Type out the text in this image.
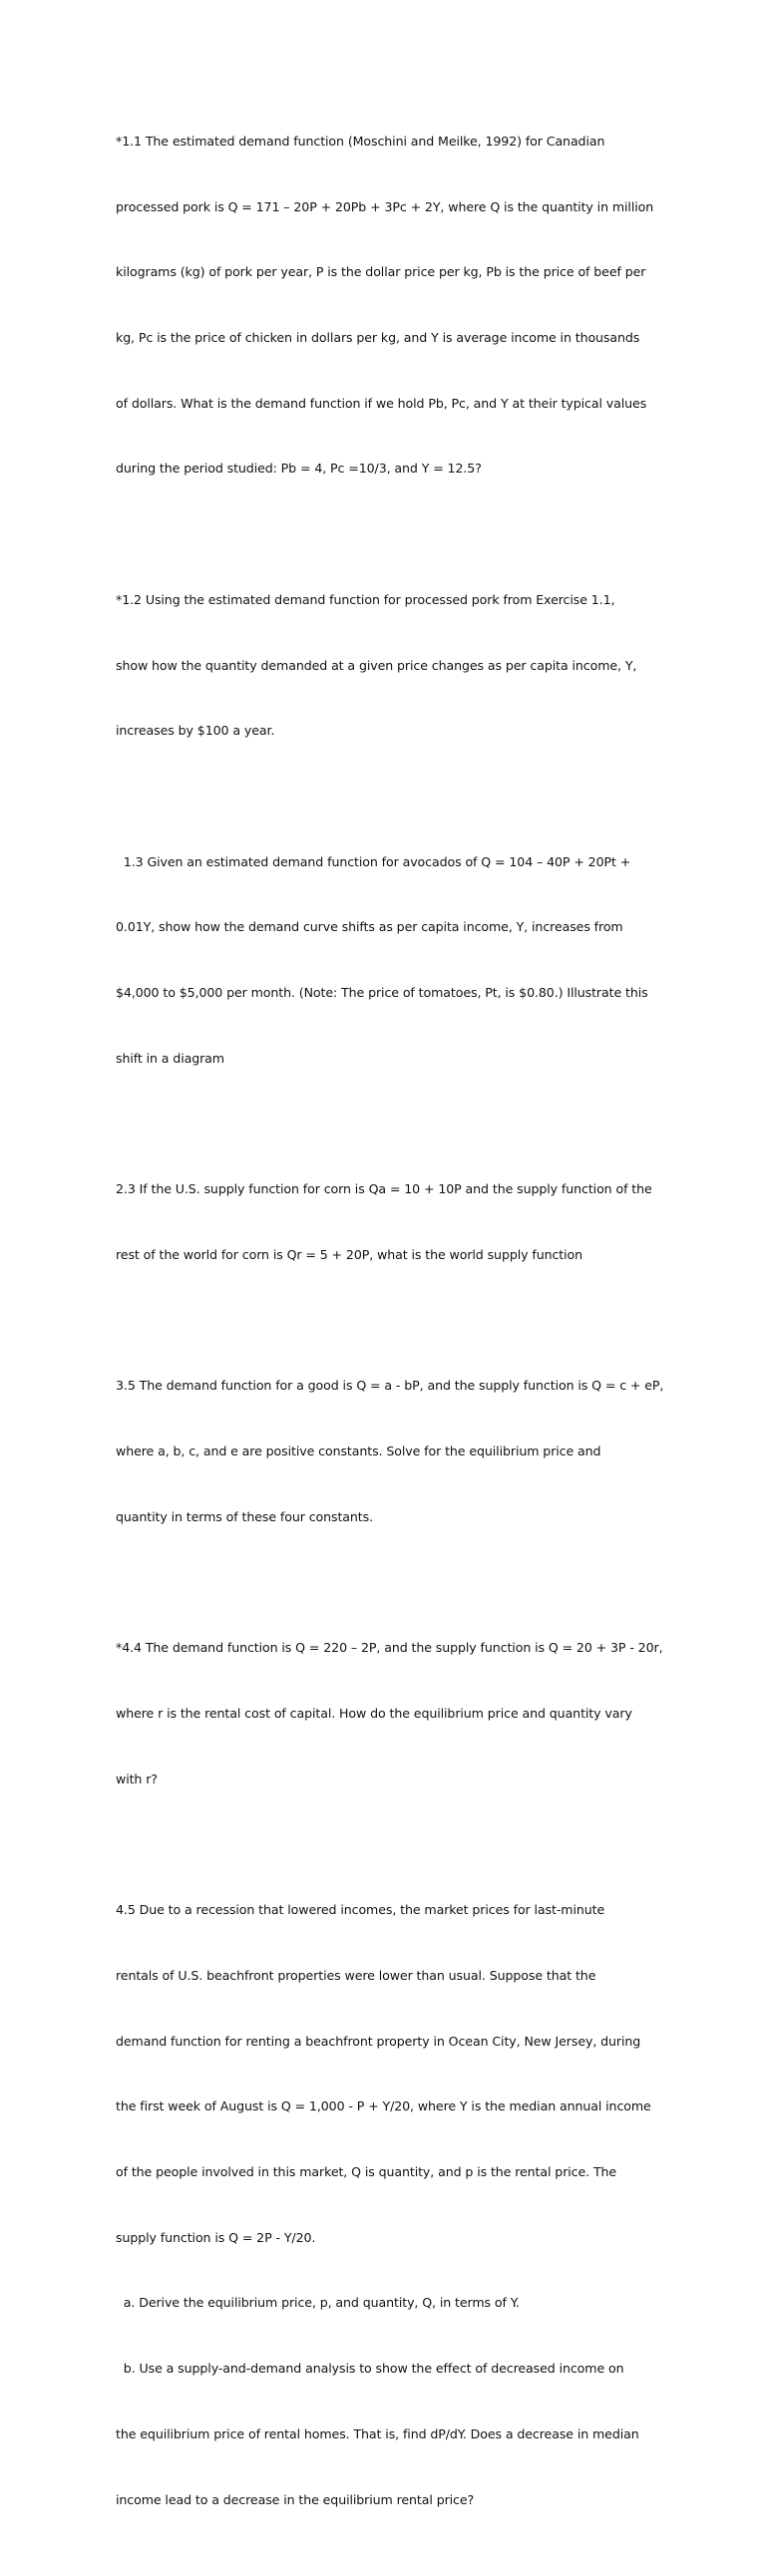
*1.1 The estimated demand function (Moschini and Meilke, 1992) for Canadian

processed pork is Q = 171 – 20P + 20Pb + 3Pc + 2Y, where Q is the quantity in million

kilograms (kg) of pork per year, P is the dollar price per kg, Pb is the price of beef per

kg, Pc is the price of chicken in dollars per kg, and Y is average income in thousands

of dollars. What is the demand function if we hold Pb, Pc, and Y at their typical values

during the period studied: Pb = 4, Pc =10/3, and Y = 12.5?

*1.2 Using the estimated demand function for processed pork from Exercise 1.1,

show how the quantity demanded at a given price changes as per capita income, Y,

increases by $100 a year.

1.3 Given an estimated demand function for avocados of Q = 104 – 40P + 20Pt +

0.01Y, show how the demand curve shifts as per capita income, Y, increases from

$4,000 to $5,000 per month. (Note: The price of tomatoes, Pt, is $0.80.) Illustrate this

shift in a diagram

2.3 If the U.S. supply function for corn is Qa = 10 + 10P and the supply function of the

rest of the world for corn is Qr = 5 + 20P, what is the world supply function

3.5 The demand function for a good is Q = a - bP, and the supply function is Q = c + eP,

where a, b, c, and e are positive constants. Solve for the equilibrium price and

quantity in terms of these four constants.

*4.4 The demand function is Q = 220 – 2P, and the supply function is Q = 20 + 3P - 20r,

where r is the rental cost of capital. How do the equilibrium price and quantity vary

with r?

4.5 Due to a recession that lowered incomes, the market prices for last-minute

rentals of U.S. beachfront properties were lower than usual. Suppose that the

demand function for renting a beachfront property in Ocean City, New Jersey, during

the first week of August is Q = 1,000 - P + Y/20, where Y is the median annual income

of the people involved in this market, Q is quantity, and p is the rental price. The

supply function is Q = 2P - Y/20.

a. Derive the equilibrium price, p, and quantity, Q, in terms of Y.

b. Use a supply-and-demand analysis to show the effect of decreased income on

the equilibrium price of rental homes. That is, find dP/dY. Does a decrease in median

income lead to a decrease in the equilibrium rental price?
